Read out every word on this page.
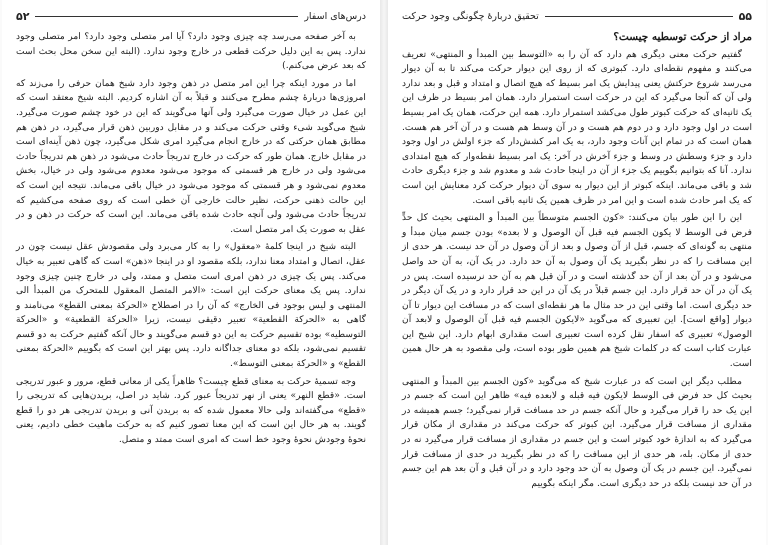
۵۲	درس‌های اسفار

به آخر صفحه می‌رسد چه چیزی وجود دارد؟ آیا امر متصلی وجود دارد؟ امر متصلی وجود ندارد. پس به این دلیل حرکت قطعی در خارج وجود ندارد. (البته این سخن محل بحث است که بعد عرض می‌کنم.)

اما در مورد اینکه چرا این امر متصل در ذهن وجود دارد شیخ همان حرفی را می‌زند که امروزی‌ها دربارهٔ چشم مطرح می‌کنند و قبلاً به آن اشاره کردیم. البته شیخ معتقد است که این عمل در خیال صورت می‌گیرد ولی آنها می‌گویند که این در خود چشم صورت می‌گیرد. شیخ می‌گوید شیء وقتی حرکت می‌کند و در مقابل دوربین ذهن قرار می‌گیرد، در ذهن هم مطابق همان حرکتی که در خارج انجام می‌گیرد امری شکل می‌گیرد، چون ذهن آینه‌ای است در مقابل خارج. همان طور که حرکت در خارج تدریجاً حادث می‌شود در ذهن هم تدریجاً حادث می‌شود ولی در خارج هر قسمتی که موجود می‌شود معدوم می‌شود ولی در خیال، بخش معدوم نمی‌شود و هر قسمتی که موجود می‌شود در خیال باقی می‌ماند. نتیجه این است که این حالت ذهنی حرکت، نظیر حالت خارجی آن خطی است که روی صفحه می‌کشیم که تدریجاً حادث می‌شود ولی آنچه حادث شده باقی می‌ماند. این است که حرکت در ذهن و در عقل به صورت یک امر متصل است.

البته شیخ در اینجا کلمهٔ «معقول» را به کار می‌برد ولی مقصودش عقل نیست چون در عقل، اتصال و امتداد معنا ندارد، بلکه مقصود او در اینجا «ذهن» است که گاهی تعبیر به خیال می‌کند. پس یک چیزی در ذهن امری است متصل و ممتد، ولی در خارج چنین چیزی وجود ندارد. پس یک معنای حرکت این است: «الامر المتصل المعقول للمتحرک من المبدأ الی المنتهی و لیس بوجود فی الخارج» که آن را در اصطلاح «الحرکة بمعنی القطع» می‌نامند و گاهی به «الحرکة القطعیة» تعبیر دقیقی نیست، زیرا «الحرکة القطعیة» و «الحرکة التوسطیه» بوده تقسیم حرکت به این دو قسم می‌گویند و حال آنکه گفتیم حرکت به دو قسم تقسیم نمی‌شود، بلکه دو معنای جداگانه دارد. پس بهتر این است که بگوییم «الحرکة بمعنی القطع» و «الحرکة بمعنی التوسط».

وجه تسمیهٔ حرکت به معنای قطع چیست؟ ظاهراً یکی از معانی قطع، مرور و عبور تدریجی است. «قطع النهر» یعنی از نهر تدریجاً عبور کرد. شاید در اصل، بریدن‌هایی که تدریجی را «قطع» می‌گفته‌اند ولی حالا معمول شده که به بریدن آنی و بریدن تدریجی هر دو را قطع گویند. به هر حال این است که این معنا تصور کنیم که به حرکت ماهیت خطی دادیم، یعنی نحوهٔ وجودش نحوهٔ وجود خط است که امری است ممتد و متصل.

تحقیق دربارهٔ چگونگی وجود حرکت	۵۵
مراد از حرکت توسطیه چیست؟

گفتیم حرکت معنی دیگری هم دارد که آن را به «التوسط بین المبدأ و المنتهی» تعریف می‌کنند و مفهوم نقطه‌ای دارد. کبوتری که از روی این دیوار حرکت می‌کند تا به آن دیوار می‌رسد شروع حرکتش یعنی پیدایش یک امر بسیط که هیچ اتصال و امتداد و قبل و بعد ندارد ولی آن که آنجا می‌گیرد که این در حرکت است استمرار دارد. همان امر بسیط در ظرف این یک ثانیه‌ای که حرکت کبوتر طول می‌کشد استمرار دارد. همه این حرکت، همان یک امر بسیط است در اول وجود دارد و در دوم هم هست و در آن وسط هم هست و در آن آخر هم هست. همان است که در تمام این آنات وجود دارد، به یک امر کشش‌دار که جزء اولش در اول وجود دارد و جزء وسطش در وسط و جزء آخرش در آخر: یک امر بسیط نقطه‌وار که هیچ امتدادی ندارد. آنا که بتوانیم بگوییم یک جزء از آن در اینجا حادث شد و معدوم شد و جزء دیگری حادث شد و باقی می‌ماند. اینکه کبوتر از این دیوار به سوی آن دیوار حرکت کرد معنایش این است که یک امر حادث شده است و این امر در ظرف همین یک ثانیه باقی است.

این را این طور بیان می‌کنند: «کون الجسم متوسطاً بین المبدأ و المنتهی بحیث کل حدٍّ فرض فی الوسط لا یکون الجسم فیه قبل آن الوصول و لا بعده» بودن جسم میان مبدأ و منتهی به گونه‌ای که جسم، قبل از آن وصول و بعد از آن وصول در آن حد نیست. هر حدی از این مسافت را که در نظر بگیرید یک آن وصول به آن حد دارد. در یک آن، به آن حد واصل می‌شود و در آن بعد از آن حد گذشته است و در آن قبل هم به آن حد نرسیده است. پس در یک آن در آن حد قرار دارد. این جسم قبلاً در یک آن در این حد قرار دارد و در یک آن دیگر در حد دیگری است. اما وقتی این در حد مثال ما هر نقطه‌ای است که در مسافت این دیوار تا آن دیوار [واقع است]. این تعبیری که می‌گوید «لایکون الجسم فیه قبل آن الوصول و لابعد آن الوصول» تعبیری که اسفار نقل کرده است تعبیری است مقداری ابهام دارد. این شیخ این عبارت کتاب است که در کلمات شیخ هم همین طور بوده است، ولی مقصود به هر حال همین است.

مطلب دیگر این است که در عبارت شیخ که می‌گوید «کون الجسم بین المبدأ و المنتهی بحیث کل حد فرض فی الوسط لایکون فیه قبله و لابعده فیه» ظاهر این است که جسم در این یک حد را قرار می‌گیرد و حال آنکه جسم در حد مسافت قرار نمی‌گیرد؛ جسم همیشه در مقداری از مسافت قرار می‌گیرد. این کبوتر که حرکت می‌کند در مقداری از مکان قرار می‌گیرد که به اندازهٔ خود کبوتر است و این جسم در مقداری از مسافت قرار می‌گیرد نه در حدی از مکان. بله، هر حدی از این مسافت را که در نظر بگیرید در حدی از مسافت قرار نمی‌گیرد. این جسم در یک آن وصول به آن حد وجود دارد و در آن قبل و آن بعد هم این جسم در آن حد نیست بلکه در حد دیگری است. مگر اینکه بگوییم
